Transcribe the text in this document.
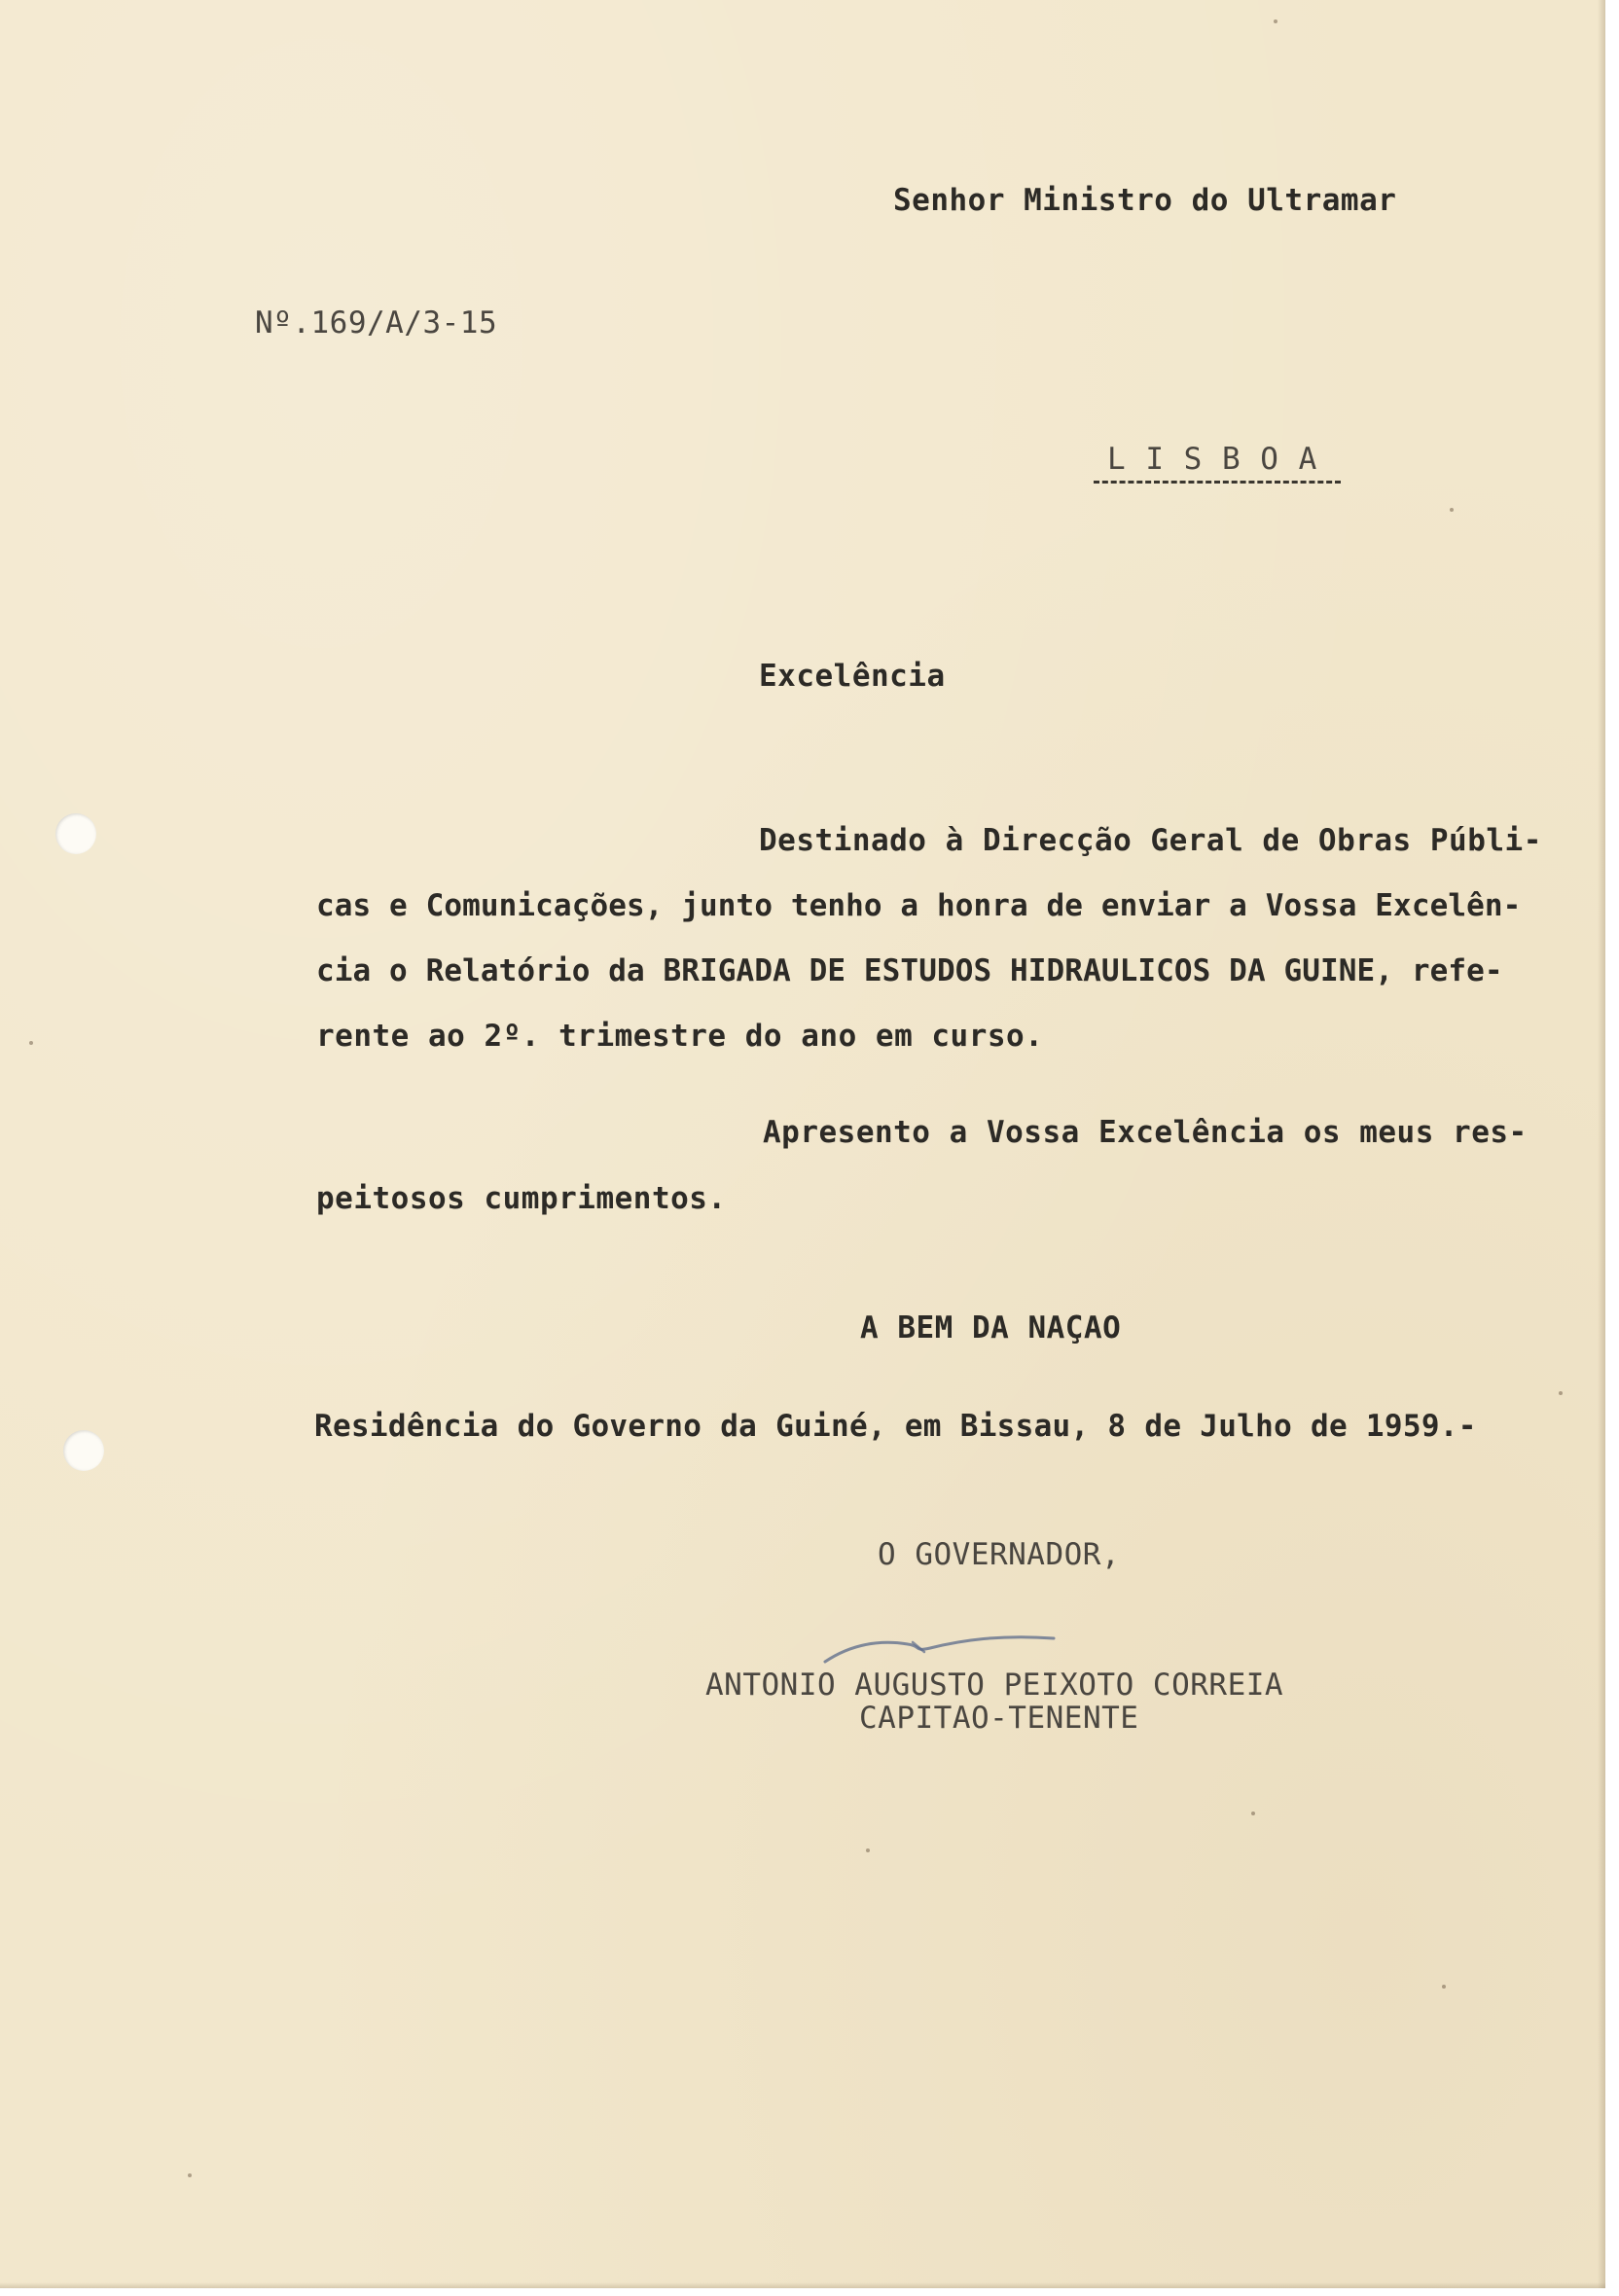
Senhor Ministro do Ultramar
Nº.169/A/3-15
L I S B O A
Excelência
Destinado à Direcção Geral de Obras Públi-
cas e Comunicações, junto tenho a honra de enviar a Vossa Excelên-
cia o Relatório da BRIGADA DE ESTUDOS HIDRAULICOS DA GUINE, refe-
rente ao 2º. trimestre do ano em curso.
Apresento a Vossa Excelência os meus res-
peitosos cumprimentos.
A BEM DA NAÇAO
Residência do Governo da Guiné, em Bissau, 8 de Julho de 1959.-
O GOVERNADOR,
ANTONIO AUGUSTO PEIXOTO CORREIA
CAPITAO-TENENTE
